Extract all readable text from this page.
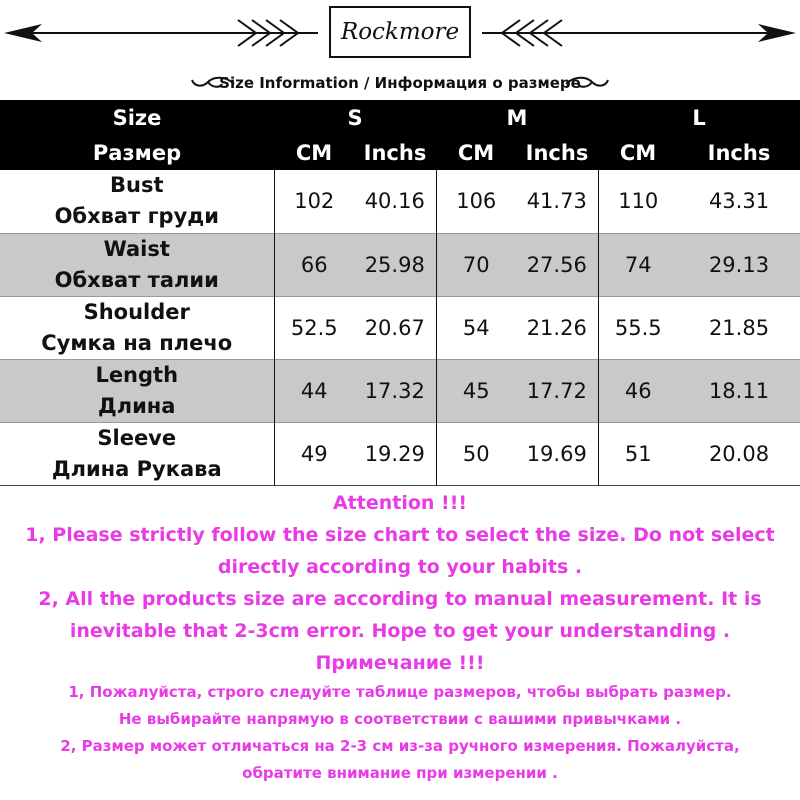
Rockmore
Size Information / Информация о размере
Size	S		M		L	
Размер	CM	Inchs	CM	Inchs	CM	Inchs

Bust
Обхват груди	102	40.16	106	41.73	110	43.31

Waist
Обхват талии	66	25.98	70	27.56	74	29.13

Shoulder
Сумка на плечо	52.5	20.67	54	21.26	55.5	21.85

Length
Длина	44	17.32	45	17.72	46	18.11

Sleeve
Длина Рукава	49	19.29	50	19.69	51	20.08
Attention !!!
1, Please strictly follow the size chart to select the size. Do not select
directly according to your habits .
2, All the products size are according to manual measurement. It is
inevitable that 2-3cm error. Hope to get your understanding .
Примечание !!!
1, Пожалуйста, строго следуйте таблице размеров, чтобы выбрать размер.
Не выбирайте напрямую в соответствии с вашими привычками .
2, Размер может отличаться на 2-3 см из-за ручного измерения. Пожалуйста,
обратите внимание при измерении .
